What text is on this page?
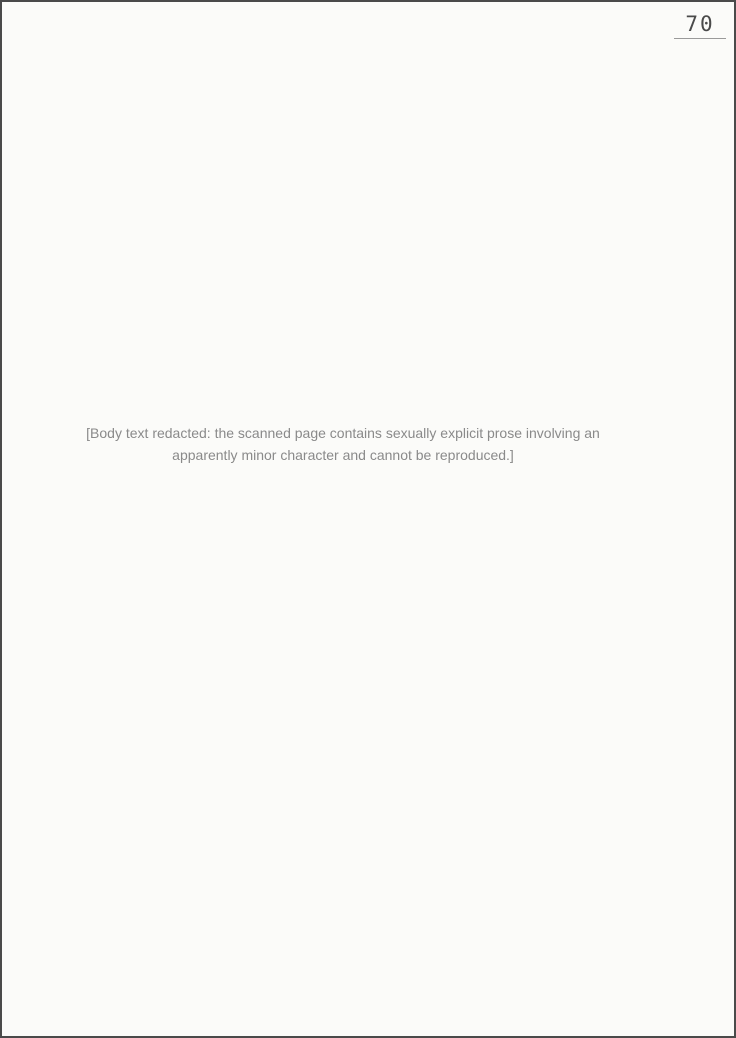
70

[Body text redacted: the scanned page contains sexually explicit prose involving an apparently minor character and cannot be reproduced.]
